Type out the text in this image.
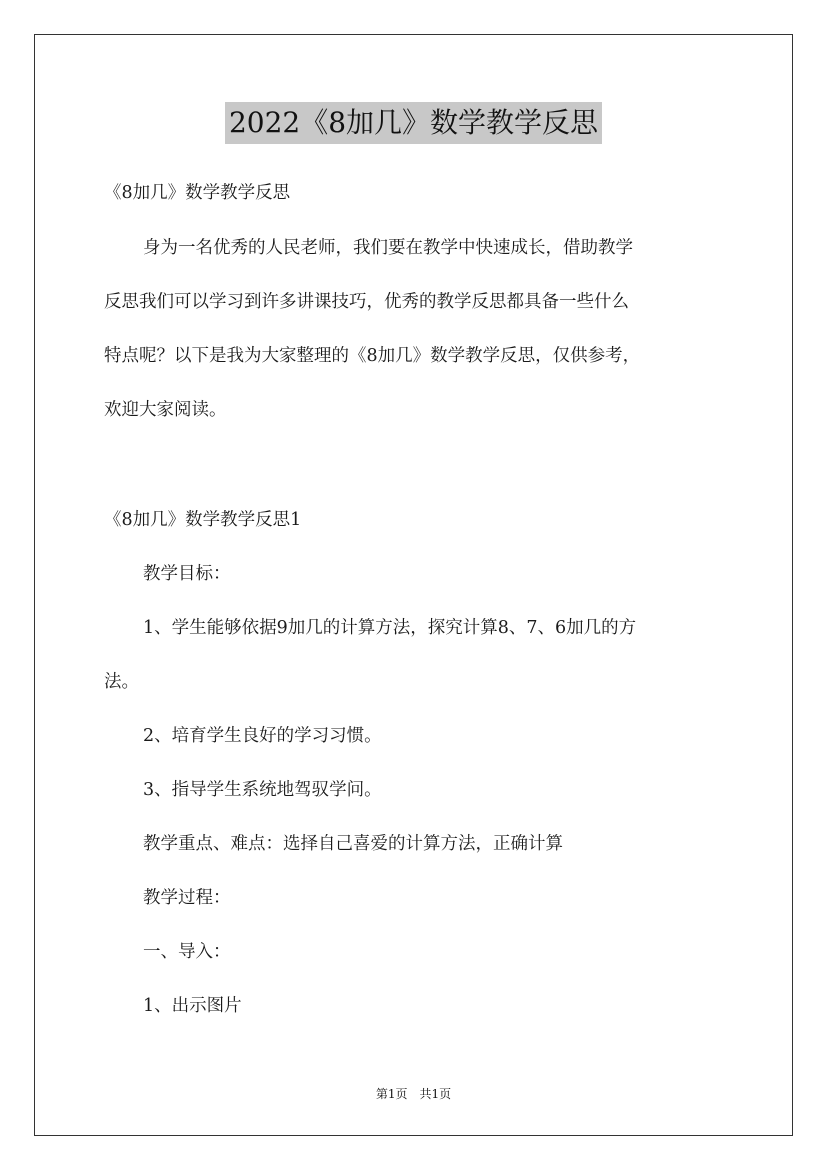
2022《8加几》数学教学反思
《8加几》数学教学反思
身为一名优秀的人民老师，我们要在教学中快速成长，借助教学
反思我们可以学习到许多讲课技巧，优秀的教学反思都具备一些什么
特点呢？以下是我为大家整理的《8加几》数学教学反思，仅供参考，
欢迎大家阅读。
《8加几》数学教学反思1
教学目标：
1、学生能够依据9加几的计算方法，探究计算8、7、6加几的方
法。
2、培育学生良好的学习习惯。
3、指导学生系统地驾驭学问。
教学重点、难点：选择自己喜爱的计算方法，正确计算
教学过程：
一、导入：
1、出示图片
第1页　共1页
